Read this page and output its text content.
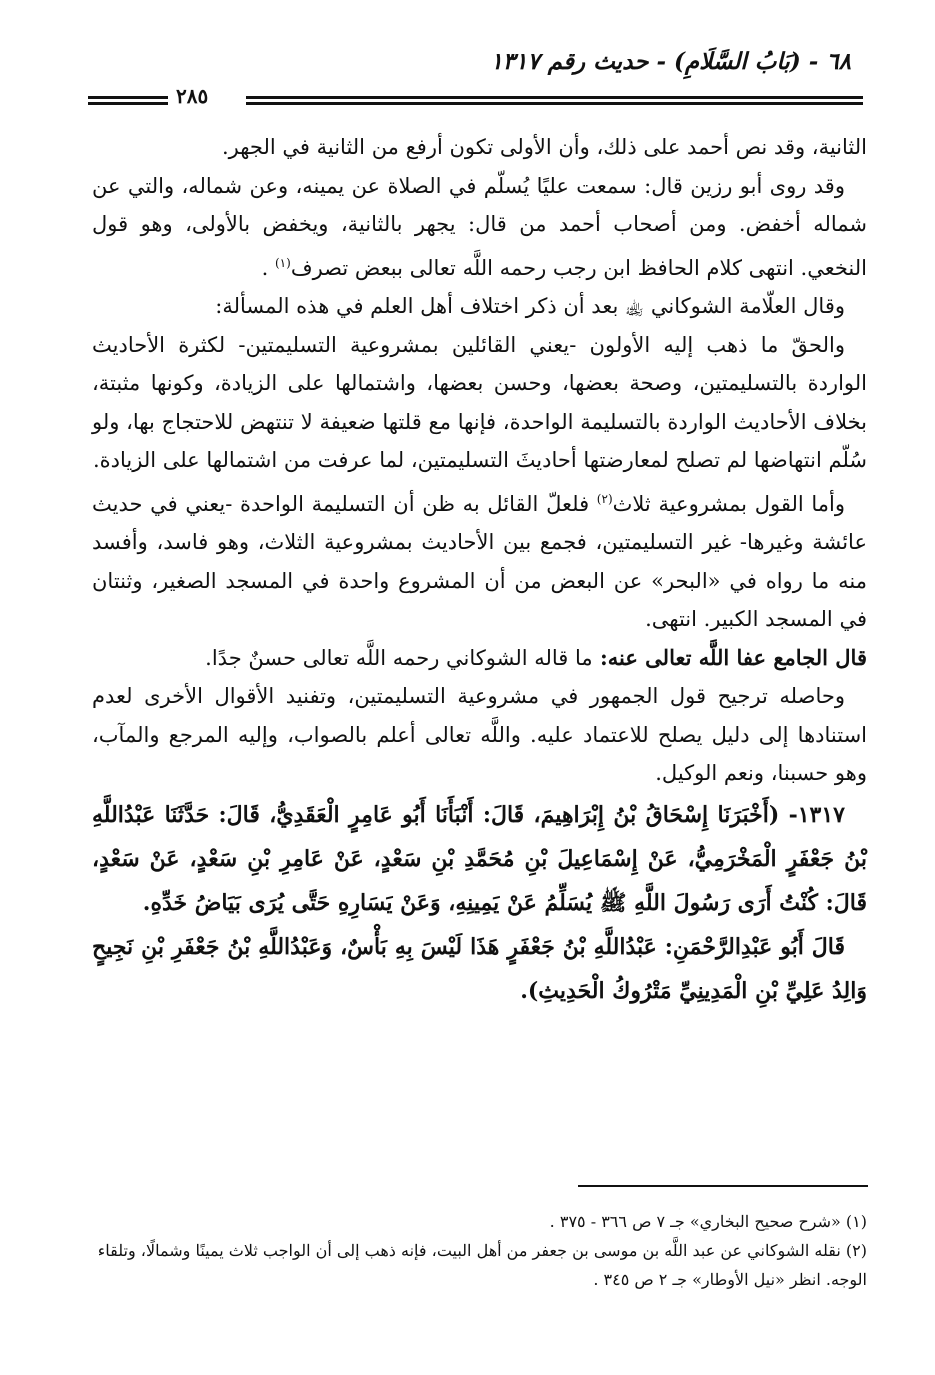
٦٨ - (بَابُ السَّلَامِ) - حديث رقم ١٣١٧
٢٨٥

الثانية، وقد نص أحمد على ذلك، وأن الأولى تكون أرفع من الثانية في الجهر.

وقد روى أبو رزين قال: سمعت عليًا يُسلّم في الصلاة عن يمينه، وعن شماله، والتي عن شماله أخفض. ومن أصحاب أحمد من قال: يجهر بالثانية، ويخفض بالأولى، وهو قول النخعي. انتهى كلام الحافظ ابن رجب رحمه اللَّه تعالى ببعض تصرف$^{(١)}$ .

وقال العلّامة الشوكاني ﵀ بعد أن ذكر اختلاف أهل العلم في هذه المسألة:

والحقّ ما ذهب إليه الأولون -يعني القائلين بمشروعية التسليمتين- لكثرة الأحاديث الواردة بالتسليمتين، وصحة بعضها، وحسن بعضها، واشتمالها على الزيادة، وكونها مثبتة، بخلاف الأحاديث الواردة بالتسليمة الواحدة، فإنها مع قلتها ضعيفة لا تنتهض للاحتجاج بها، ولو سُلّم انتهاضها لم تصلح لمعارضتها أحاديثَ التسليمتين، لما عرفت من اشتمالها على الزيادة.

وأما القول بمشروعية ثلاث$^{(٢)}$ فلعلّ القائل به ظن أن التسليمة الواحدة -يعني في حديث عائشة وغيرها- غير التسليمتين، فجمع بين الأحاديث بمشروعية الثلاث، وهو فاسد، وأفسد منه ما رواه في «البحر» عن البعض من أن المشروع واحدة في المسجد الصغير، وثنتان في المسجد الكبير. انتهى.

قال الجامع عفا اللَّه تعالى عنه: ما قاله الشوكاني رحمه اللَّه تعالى حسنٌ جدًا.

وحاصله ترجيح قول الجمهور في مشروعية التسليمتين، وتفنيد الأقوال الأخرى لعدم استنادها إلى دليل يصلح للاعتماد عليه. واللَّه تعالى أعلم بالصواب، وإليه المرجع والمآب، وهو حسبنا، ونعم الوكيل.

١٣١٧- (أَخْبَرَنَا إِسْحَاقُ بْنُ إِبْرَاهِيمَ، قَالَ: أَنْبَأَنَا أَبُو عَامِرٍ الْعَقَدِيُّ، قَالَ: حَدَّثَنَا عَبْدُاللَّهِ بْنُ جَعْفَرٍ الْمَخْرَمِيُّ، عَنْ إِسْمَاعِيلَ بْنِ مُحَمَّدِ بْنِ سَعْدٍ، عَنْ عَامِرِ بْنِ سَعْدٍ، عَنْ سَعْدٍ، قَالَ: كُنْتُ أَرَى رَسُولَ اللَّهِ ﷺ يُسَلِّمُ عَنْ يَمِينِهِ، وَعَنْ يَسَارِهِ حَتَّى يُرَى بَيَاضُ خَدِّهِ.

قَالَ أَبُو عَبْدِالرَّحْمَنِ: عَبْدُاللَّهِ بْنُ جَعْفَرٍ هَذَا لَيْسَ بِهِ بَأْسٌ، وَعَبْدُاللَّهِ بْنُ جَعْفَرِ بْنِ نَجِيحٍ وَالِدُ عَلِيِّ بْنِ الْمَدِينِيِّ مَتْرُوكُ الْحَدِيثِ).

(١) «شرح صحيح البخاري» جـ ٧ ص ٣٦٦ - ٣٧٥ .
(٢) نقله الشوكاني عن عبد اللَّه بن موسى بن جعفر من أهل البيت، فإنه ذهب إلى أن الواجب ثلاث يمينًا وشمالًا، وتلقاء الوجه. انظر «نيل الأوطار» جـ ٢ ص ٣٤٥ .
